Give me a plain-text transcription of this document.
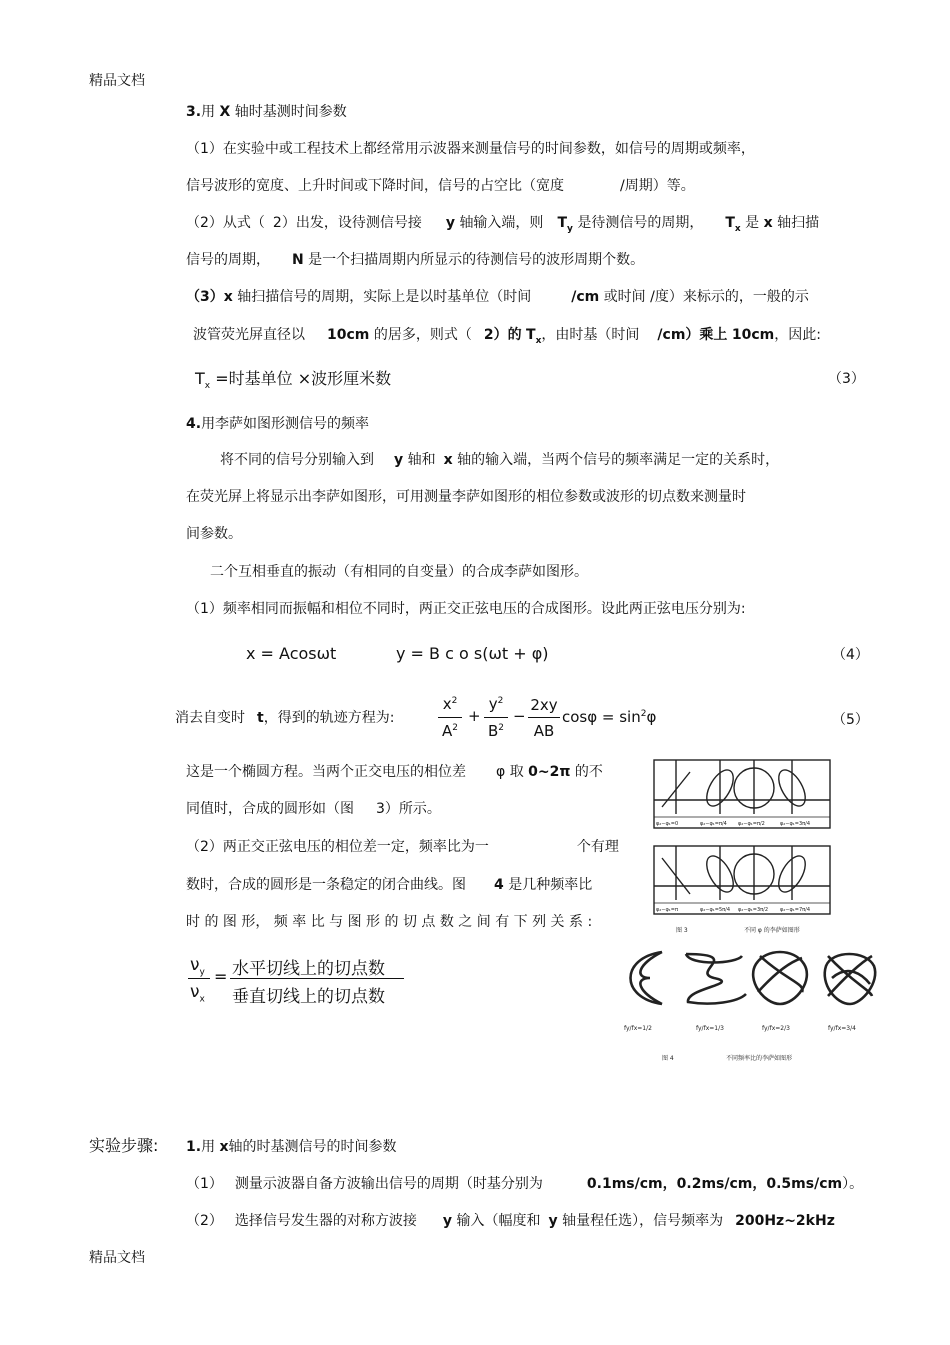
精品文档
3.用 X 轴时基测时间参数
（1）在实验中或工程技术上都经常用示波器来测量信号的时间参数，如信号的周期或频率，
信号波形的宽度、上升时间或下降时间，信号的占空比（宽度	/周期）等。
（2）从式（ 2）出发，设待测信号接 y 轴输入端，则 $T_y$ 是待测信号的周期， $T_x$ 是 x 轴扫描
信号的周期， N 是一个扫描周期内所显示的待测信号的波形周期个数。
（3）x 轴扫描信号的周期，实际上是以时基单位（时间	/cm 或时间 /度）来标示的，一般的示
波管荧光屏直径以 10cm 的居多，则式（ 2）的 $T_x$，由时基（时间 /cm）乘上 10cm，因此:
$T_x$ =时基单位 ×波形厘米数	（3）
4.用李萨如图形测信号的频率
将不同的信号分别输入到 y 轴和 x 轴的输入端，当两个信号的频率满足一定的关系时，
在荧光屏上将显示出李萨如图形，可用测量李萨如图形的相位参数或波形的切点数来测量时
间参数。
二个互相垂直的振动（有相同的自变量）的合成李萨如图形。
（1）频率相同而振幅和相位不同时，两正交正弦电压的合成图形。设此两正弦电压分别为:
x = Acosωt	y = B c o s(ωt + φ)	（4）
消去自变时 t，得到的轨迹方程为:
$x^2$
$A^2$
+
$y^2$
$B^2$
−
2xy
AB
$\cos\varphi = \sin^2\varphi$	（5）
这是一个椭圆方程。当两个正交电压的相位差 φ 取 0~2π 的不
同值时，合成的圆形如（图 3）所示。
（2）两正交正弦电压的相位差一定，频率比为一	个有理
数时，合成的圆形是一条稳定的闭合曲线。图 4 是几种频率比
时 的 图 形， 频 率 比 与 图 形 的 切 点 数 之 间 有 下 列 关 系 :
$\nu_y$
$\nu_x$
= 水平切线上的切点数
垂直切线上的切点数
φ₂−φ₁=0	φ₂−φ₁=π/4 φ₂−φ₁=π/2	φ₂−φ₁=3π/4
φ₂−φ₁=π	φ₂−φ₁=5π/4 φ₂−φ₁=3π/2 φ₂−φ₁=7π/4
图 3	不同 φ 的李萨如图形
fy/fx=1/2	fy/fx=1/3	fy/fx=2/3	fy/fx=3/4
图 4	不同频率比的李萨如图形
实验步骤: 1.用 x轴的时基测信号的时间参数
（1） 测量示波器自备方波输出信号的周期（时基分别为	0.1ms/cm，0.2ms/cm，0.5ms/cm）。
（2） 选择信号发生器的对称方波接 y 输入（幅度和 y 轴量程任选），信号频率为 200Hz~2kHz
精品文档
